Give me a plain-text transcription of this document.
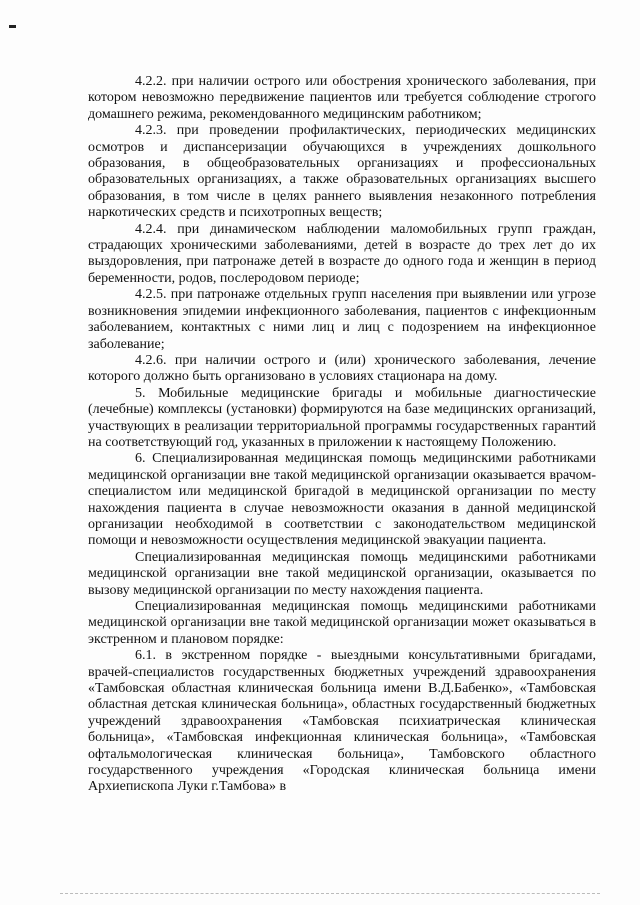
4.2.2. при наличии острого или обострения хронического заболевания, при котором невозможно передвижение пациентов или требуется соблюдение строгого домашнего режима, рекомендованного медицинским работником;

4.2.3. при проведении профилактических, периодических медицинских осмотров и диспансеризации обучающихся в учреждениях дошкольного образования, в общеобразовательных организациях и профессиональных образовательных организациях, а также образовательных организациях высшего образования, в том числе в целях раннего выявления незаконного потребления наркотических средств и психотропных веществ;

4.2.4. при динамическом наблюдении маломобильных групп граждан, страдающих хроническими заболеваниями, детей в возрасте до трех лет до их выздоровления, при патронаже детей в возрасте до одного года и женщин в период беременности, родов, послеродовом периоде;

4.2.5. при патронаже отдельных групп населения при выявлении или угрозе возникновения эпидемии инфекционного заболевания, пациентов с инфекционным заболеванием, контактных с ними лиц и лиц с подозрением на инфекционное заболевание;

4.2.6. при наличии острого и (или) хронического заболевания, лечение которого должно быть организовано в условиях стационара на дому.

5. Мобильные медицинские бригады и мобильные диагностические (лечебные) комплексы (установки) формируются на базе медицинских организаций, участвующих в реализации территориальной программы государственных гарантий на соответствующий год, указанных в приложении к настоящему Положению.

6. Специализированная медицинская помощь медицинскими работниками медицинской организации вне такой медицинской организации оказывается врачом-специалистом или медицинской бригадой в медицинской организации по месту нахождения пациента в случае невозможности оказания в данной медицинской организации необходимой в соответствии с законодательством медицинской помощи и невозможности осуществления медицинской эвакуации пациента.

Специализированная медицинская помощь медицинскими работниками медицинской организации вне такой медицинской организации, оказывается по вызову медицинской организации по месту нахождения пациента.

Специализированная медицинская помощь медицинскими работниками медицинской организации вне такой медицинской организации может оказываться в экстренном и плановом порядке:

6.1. в экстренном порядке - выездными консультативными бригадами, врачей-специалистов государственных бюджетных учреждений здравоохранения «Тамбовская областная клиническая больница имени В.Д.Бабенко», «Тамбовская областная детская клиническая больница», областных государственный бюджетных учреждений здравоохранения «Тамбовская психиатрическая клиническая больница», «Тамбовская инфекционная клиническая больница», «Тамбовская офтальмологическая клиническая больница», Тамбовского областного государственного учреждения «Городская клиническая больница имени Архиепископа Луки г.Тамбова» в
